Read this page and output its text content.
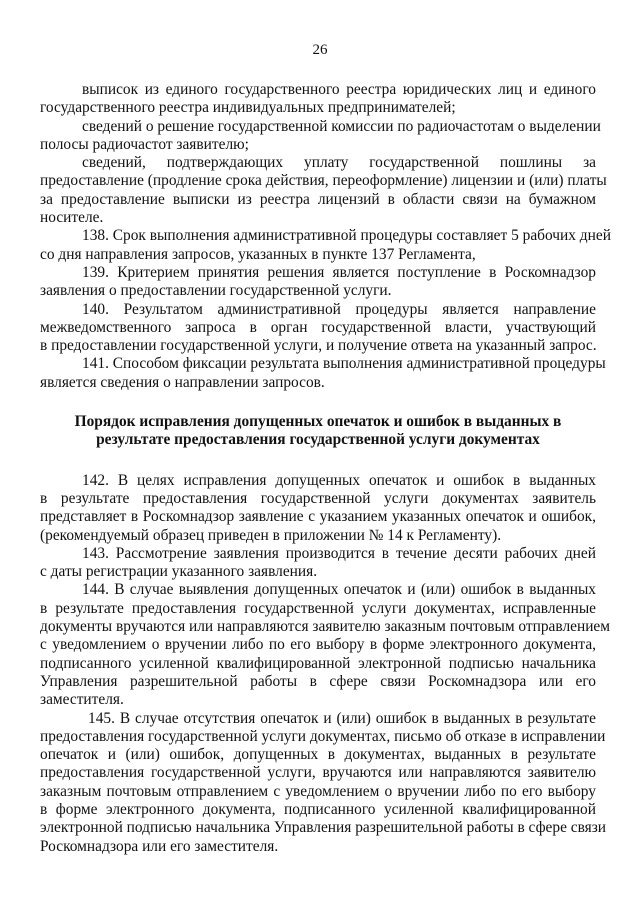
26
выписок из единого государственного реестра юридических лиц и единого
государственного реестра индивидуальных предпринимателей;
сведений о решение государственной комиссии по радиочастотам о выделении
полосы радиочастот заявителю;
сведений, подтверждающих уплату государственной пошлины за
предоставление (продление срока действия, переоформление) лицензии и (или) платы
за предоставление выписки из реестра лицензий в области связи на бумажном
носителе.
138. Срок выполнения административной процедуры составляет 5 рабочих дней
со дня направления запросов, указанных в пункте 137 Регламента,
139. Критерием принятия решения является поступление в Роскомнадзор
заявления о предоставлении государственной услуги.
140. Результатом административной процедуры является направление
межведомственного запроса в орган государственной власти, участвующий
в предоставлении государственной услуги, и получение ответа на указанный запрос.
141. Способом фиксации результата выполнения административной процедуры
является сведения о направлении запросов.
Порядок исправления допущенных опечаток и ошибок в выданных в
результате предоставления государственной услуги документах
142. В целях исправления допущенных опечаток и ошибок в выданных
в результате предоставления государственной услуги документах заявитель
представляет в Роскомнадзор заявление с указанием указанных опечаток и ошибок,
(рекомендуемый образец приведен в приложении № 14 к Регламенту).
143. Рассмотрение заявления производится в течение десяти рабочих дней
с даты регистрации указанного заявления.
144. В случае выявления допущенных опечаток и (или) ошибок в выданных
в результате предоставления государственной услуги документах, исправленные
документы вручаются или направляются заявителю заказным почтовым отправлением
с уведомлением о вручении либо по его выбору в форме электронного документа,
подписанного усиленной квалифицированной электронной подписью начальника
Управления разрешительной работы в сфере связи Роскомнадзора или его
заместителя.
145. В случае отсутствия опечаток и (или) ошибок в выданных в результате
предоставления государственной услуги документах, письмо об отказе в исправлении
опечаток и (или) ошибок, допущенных в документах, выданных в результате
предоставления государственной услуги, вручаются или направляются заявителю
заказным почтовым отправлением с уведомлением о вручении либо по его выбору
в форме электронного документа, подписанного усиленной квалифицированной
электронной подписью начальника Управления разрешительной работы в сфере связи
Роскомнадзора или его заместителя.
